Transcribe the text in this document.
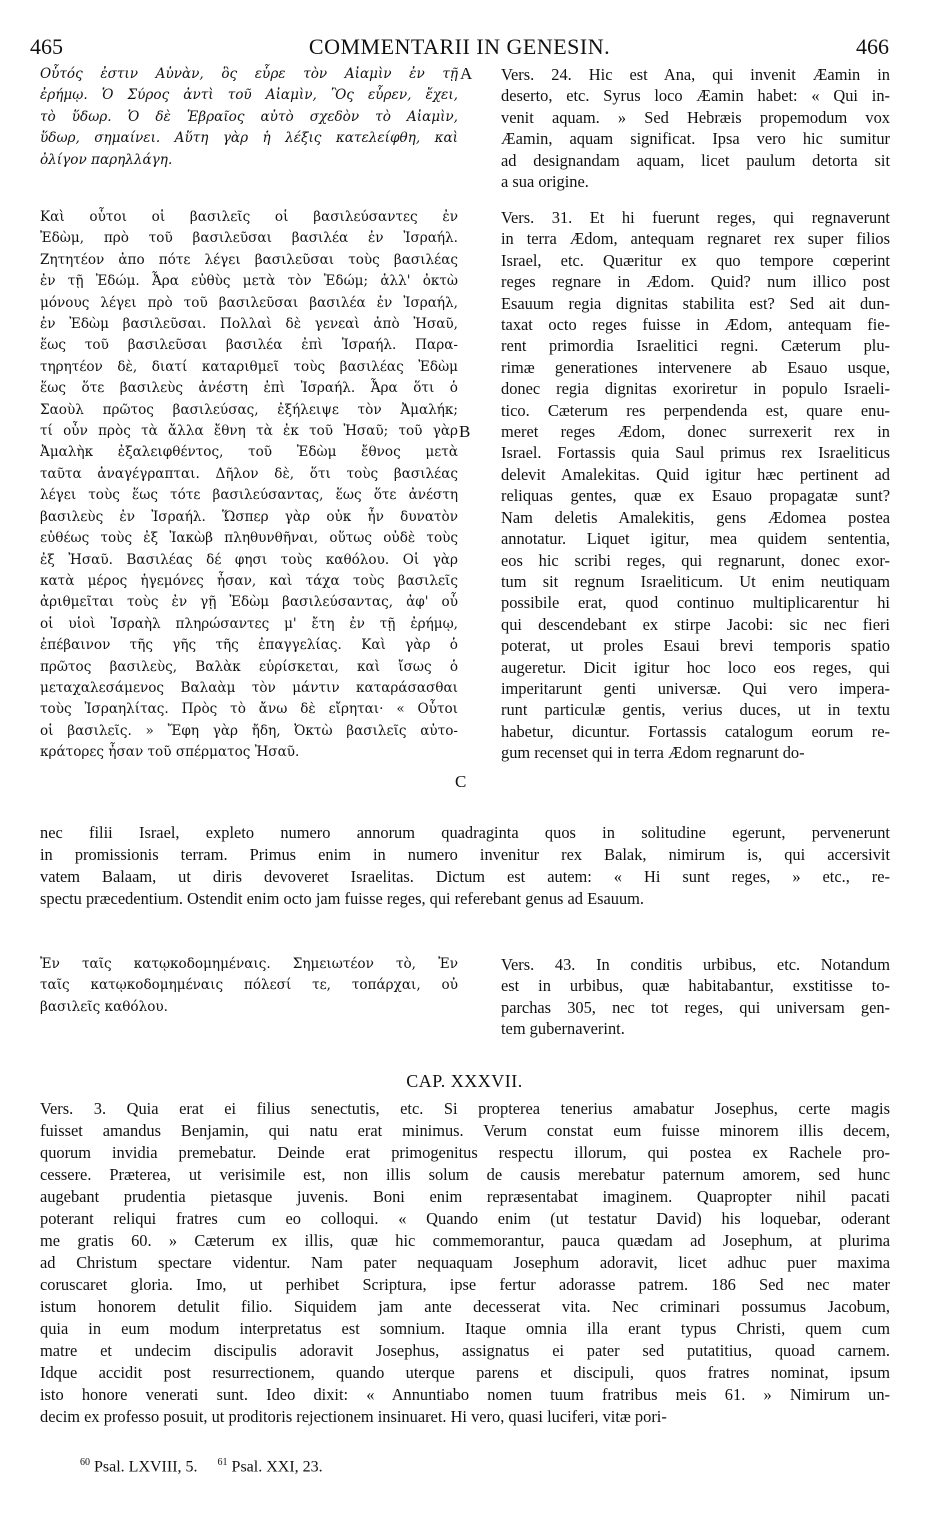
465	COMMENTARII IN GENESIN.	466
Οὗτός ἐστιν Αὐνὰν, ὃς εὗρε τὸν Αἰαμὶν ἐν τῇ
ἐρήμῳ. Ὁ Σύρος ἀντὶ τοῦ Αἰαμὶν, Ὃς εὗρεν, ἔχει,
τὸ ὕδωρ. Ὁ δὲ Ἑβραῖος αὐτὸ σχεδὸν τὸ Αἰαμὶν,
ὕδωρ, σημαίνει. Αὕτη γὰρ ἡ λέξις κατελείφθη, καὶ
ὀλίγον παρηλλάγη.
Vers. 24. Hic est Ana, qui invenit Æamin in
deserto, etc. Syrus loco Æamin habet: « Qui in-
venit aquam. » Sed Hebræis propemodum vox
Æamin, aquam significat. Ipsa vero hic sumitur
ad designandam aquam, licet paulum detorta sit
a sua origine.
A
Καὶ οὗτοι οἱ βασιλεῖς οἱ βασιλεύσαντες ἐν
Ἐδὼμ, πρὸ τοῦ βασιλεῦσαι βασιλέα ἐν Ἰσραήλ.
Ζητητέον ἀπο πότε λέγει βασιλεῦσαι τοὺς βασιλέας
ἐν τῇ Ἐδώμ. Ἆρα εὐθὺς μετὰ τὸν Ἐδώμ; ἀλλ' ὀκτὼ
μόνους λέγει πρὸ τοῦ βασιλεῦσαι βασιλέα ἐν Ἰσραήλ,
ἐν Ἐδὼμ βασιλεῦσαι. Πολλαὶ δὲ γενεαὶ ἀπὸ Ἠσαῦ,
ἕως τοῦ βασιλεῦσαι βασιλέα ἐπὶ Ἰσραήλ. Παρα-
τηρητέον δὲ, διατί καταριθμεῖ τοὺς βασιλέας Ἐδὼμ
ἕως ὅτε βασιλεὺς ἀνέστη ἐπὶ Ἰσραήλ. Ἆρα ὅτι ὁ
Σαοὺλ πρῶτος βασιλεύσας, ἐξήλειψε τὸν Ἀμαλήκ;
τί οὖν πρὸς τὰ ἄλλα ἔθνη τὰ ἐκ τοῦ Ἠσαῦ; τοῦ γὰρ
Ἀμαλὴκ ἐξαλειφθέντος, τοῦ Ἐδὼμ ἔθνος μετὰ
ταῦτα ἀναγέγραπται. Δῆλον δὲ, ὅτι τοὺς βασιλέας
λέγει τοὺς ἕως τότε βασιλεύσαντας, ἕως ὅτε ἀνέστη
βασιλεὺς ἐν Ἰσραήλ. Ὥσπερ γὰρ οὐκ ἦν δυνατὸν
εὐθέως τοὺς ἐξ Ἰακὼβ πληθυνθῆναι, οὕτως οὐδὲ τοὺς
ἐξ Ἠσαῦ. Βασιλέας δέ φησι τοὺς καθόλου. Οἱ γὰρ
κατὰ μέρος ἡγεμόνες ἦσαν, καὶ τάχα τοὺς βασιλεῖς
ἀριθμεῖται τοὺς ἐν γῇ Ἐδὼμ βασιλεύσαντας, ἀφ' οὗ
οἱ υἱοὶ Ἰσραὴλ πληρώσαντες μ' ἔτη ἐν τῇ ἐρήμῳ,
ἐπέβαινον τῆς γῆς τῆς ἐπαγγελίας. Καὶ γὰρ ὁ
πρῶτος βασιλεὺς, Βαλὰκ εὑρίσκεται, καὶ ἴσως ὁ
μεταχαλεσάμενος Βαλαὰμ τὸν μάντιν καταράσασθαι
τοὺς Ἰσραηλίτας. Πρὸς τὸ ἄνω δὲ εἴρηται· « Οὗτοι
οἱ βασιλεῖς. » Ἔφη γὰρ ἤδη, Ὀκτὼ βασιλεῖς αὐτο-
κράτορες ἦσαν τοῦ σπέρματος Ἠσαῦ.
Vers. 31. Et hi fuerunt reges, qui regnaverunt
in terra Ædom, antequam regnaret rex super filios
Israel, etc. Quæritur ex quo tempore cœperint
reges regnare in Ædom. Quid? num illico post
Esauum regia dignitas stabilita est? Sed ait dun-
taxat octo reges fuisse in Ædom, antequam fie-
rent primordia Israelitici regni. Cæterum plu-
rimæ generationes intervenere ab Esauo usque,
donec regia dignitas exoriretur in populo Israeli-
tico. Cæterum res perpendenda est, quare enu-
meret reges Ædom, donec surrexerit rex in
Israel. Fortassis quia Saul primus rex Israeliticus
delevit Amalekitas. Quid igitur hæc pertinent ad
reliquas gentes, quæ ex Esauo propagatæ sunt?
Nam deletis Amalekitis, gens Ædomea postea
annotatur. Liquet igitur, mea quidem sententia,
eos hic scribi reges, qui regnarunt, donec exor-
tum sit regnum Israeliticum. Ut enim neutiquam
possibile erat, quod continuo multiplicarentur hi
qui descendebant ex stirpe Jacobi: sic nec fieri
poterat, ut proles Esaui brevi temporis spatio
augeretur. Dicit igitur hoc loco eos reges, qui
imperitarunt genti universæ. Qui vero impera-
runt particulæ gentis, verius duces, ut in textu
habetur, dicuntur. Fortassis catalogum eorum re-
gum recenset qui in terra Ædom regnarunt do-
B
C
nec filii Israel, expleto numero annorum quadraginta quos in solitudine egerunt, pervenerunt
in promissionis terram. Primus enim in numero invenitur rex Balak, nimirum is, qui accersivit
vatem Balaam, ut diris devoveret Israelitas. Dictum est autem: « Hi sunt reges, » etc., re-
spectu præcedentium. Ostendit enim octo jam fuisse reges, qui referebant genus ad Esauum.
Ἐν ταῖς κατῳκοδομημέναις. Σημειωτέον τὸ, Ἐν
ταῖς κατῳκοδομημέναις πόλεσί τε, τοπάρχαι, οὐ
βασιλεῖς καθόλου.
Vers. 43. In conditis urbibus, etc. Notandum
est in urbibus, quæ habitabantur, exstitisse to-
parchas 305, nec tot reges, qui universam gen-
tem gubernaverint.
CAP. XXXVII.
Vers. 3. Quia erat ei filius senectutis, etc. Si propterea tenerius amabatur Josephus, certe magis
fuisset amandus Benjamin, qui natu erat minimus. Verum constat eum fuisse minorem illis decem,
quorum invidia premebatur. Deinde erat primogenitus respectu illorum, qui postea ex Rachele pro-
cessere. Præterea, ut verisimile est, non illis solum de causis merebatur paternum amorem, sed hunc
augebant prudentia pietasque juvenis. Boni enim repræsentabat imaginem. Quapropter nihil pacati
poterant reliqui fratres cum eo colloqui. « Quando enim (ut testatur David) his loquebar, oderant
me gratis 60. » Cæterum ex illis, quæ hic commemorantur, pauca quædam ad Josephum, at plurima
ad Christum spectare videntur. Nam pater nequaquam Josephum adoravit, licet adhuc puer maxima
coruscaret gloria. Imo, ut perhibet Scriptura, ipse fertur adorasse patrem. 186 Sed nec mater
istum honorem detulit filio. Siquidem jam ante decesserat vita. Nec criminari possumus Jacobum,
quia in eum modum interpretatus est somnium. Itaque omnia illa erant typus Christi, quem cum
matre et undecim discipulis adoravit Josephus, assignatus ei pater sed putatitius, quoad carnem.
Idque accidit post resurrectionem, quando uterque parens et discipuli, quos fratres nominat, ipsum
isto honore venerati sunt. Ideo dixit: « Annuntiabo nomen tuum fratribus meis 61. » Nimirum un-
decim ex professo posuit, ut proditoris rejectionem insinuaret. Hi vero, quasi luciferi, vitæ pori-
$^{60}$ Psal. LXVIII, 5. $^{61}$ Psal. XXI, 23.
